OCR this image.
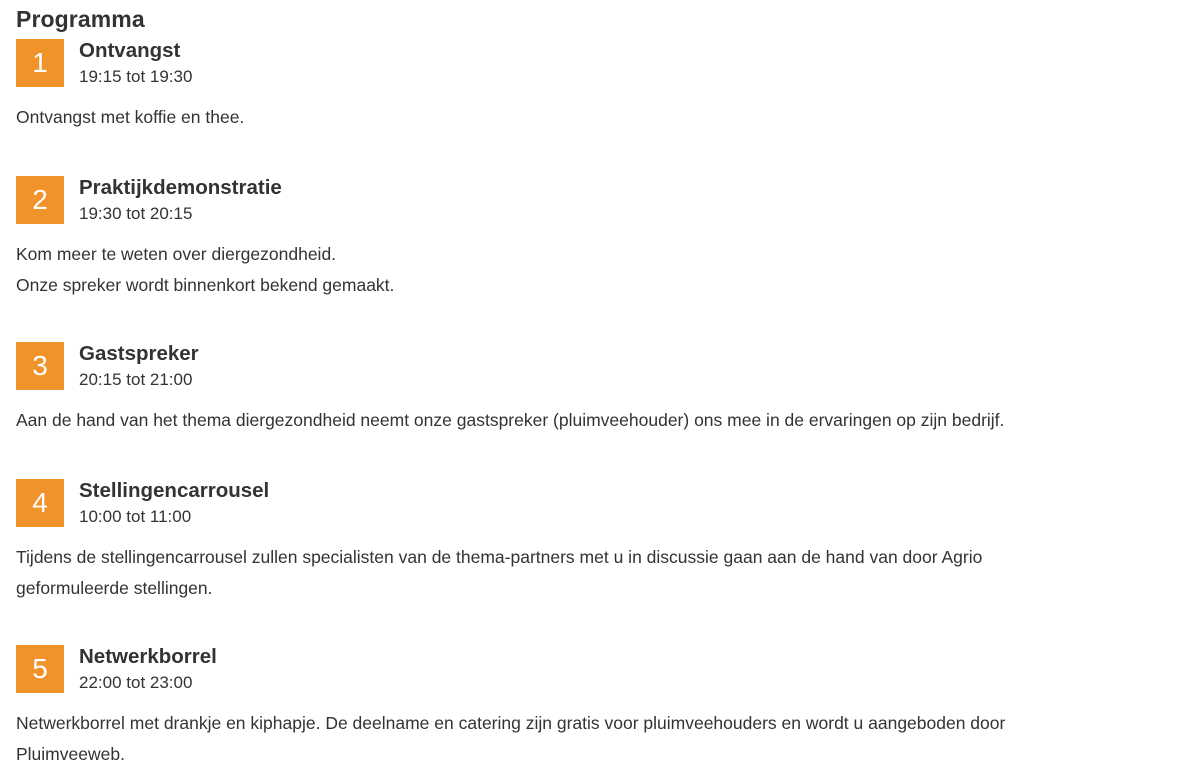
Programma
1	Ontvangst
19:15 tot 19:30
Ontvangst met koffie en thee.
2	Praktijkdemonstratie
19:30 tot 20:15
Kom meer te weten over diergezondheid.
Onze spreker wordt binnenkort bekend gemaakt.
3	Gastspreker
20:15 tot 21:00
Aan de hand van het thema diergezondheid neemt onze gastspreker (pluimveehouder) ons mee in de ervaringen op zijn bedrijf.
4	Stellingencarrousel
10:00 tot 11:00
Tijdens de stellingencarrousel zullen specialisten van de thema-partners met u in discussie gaan aan de hand van door Agrio
geformuleerde stellingen.
5	Netwerkborrel
22:00 tot 23:00
Netwerkborrel met drankje en kiphapje. De deelname en catering zijn gratis voor pluimveehouders en wordt u aangeboden door
Pluimveeweb.
